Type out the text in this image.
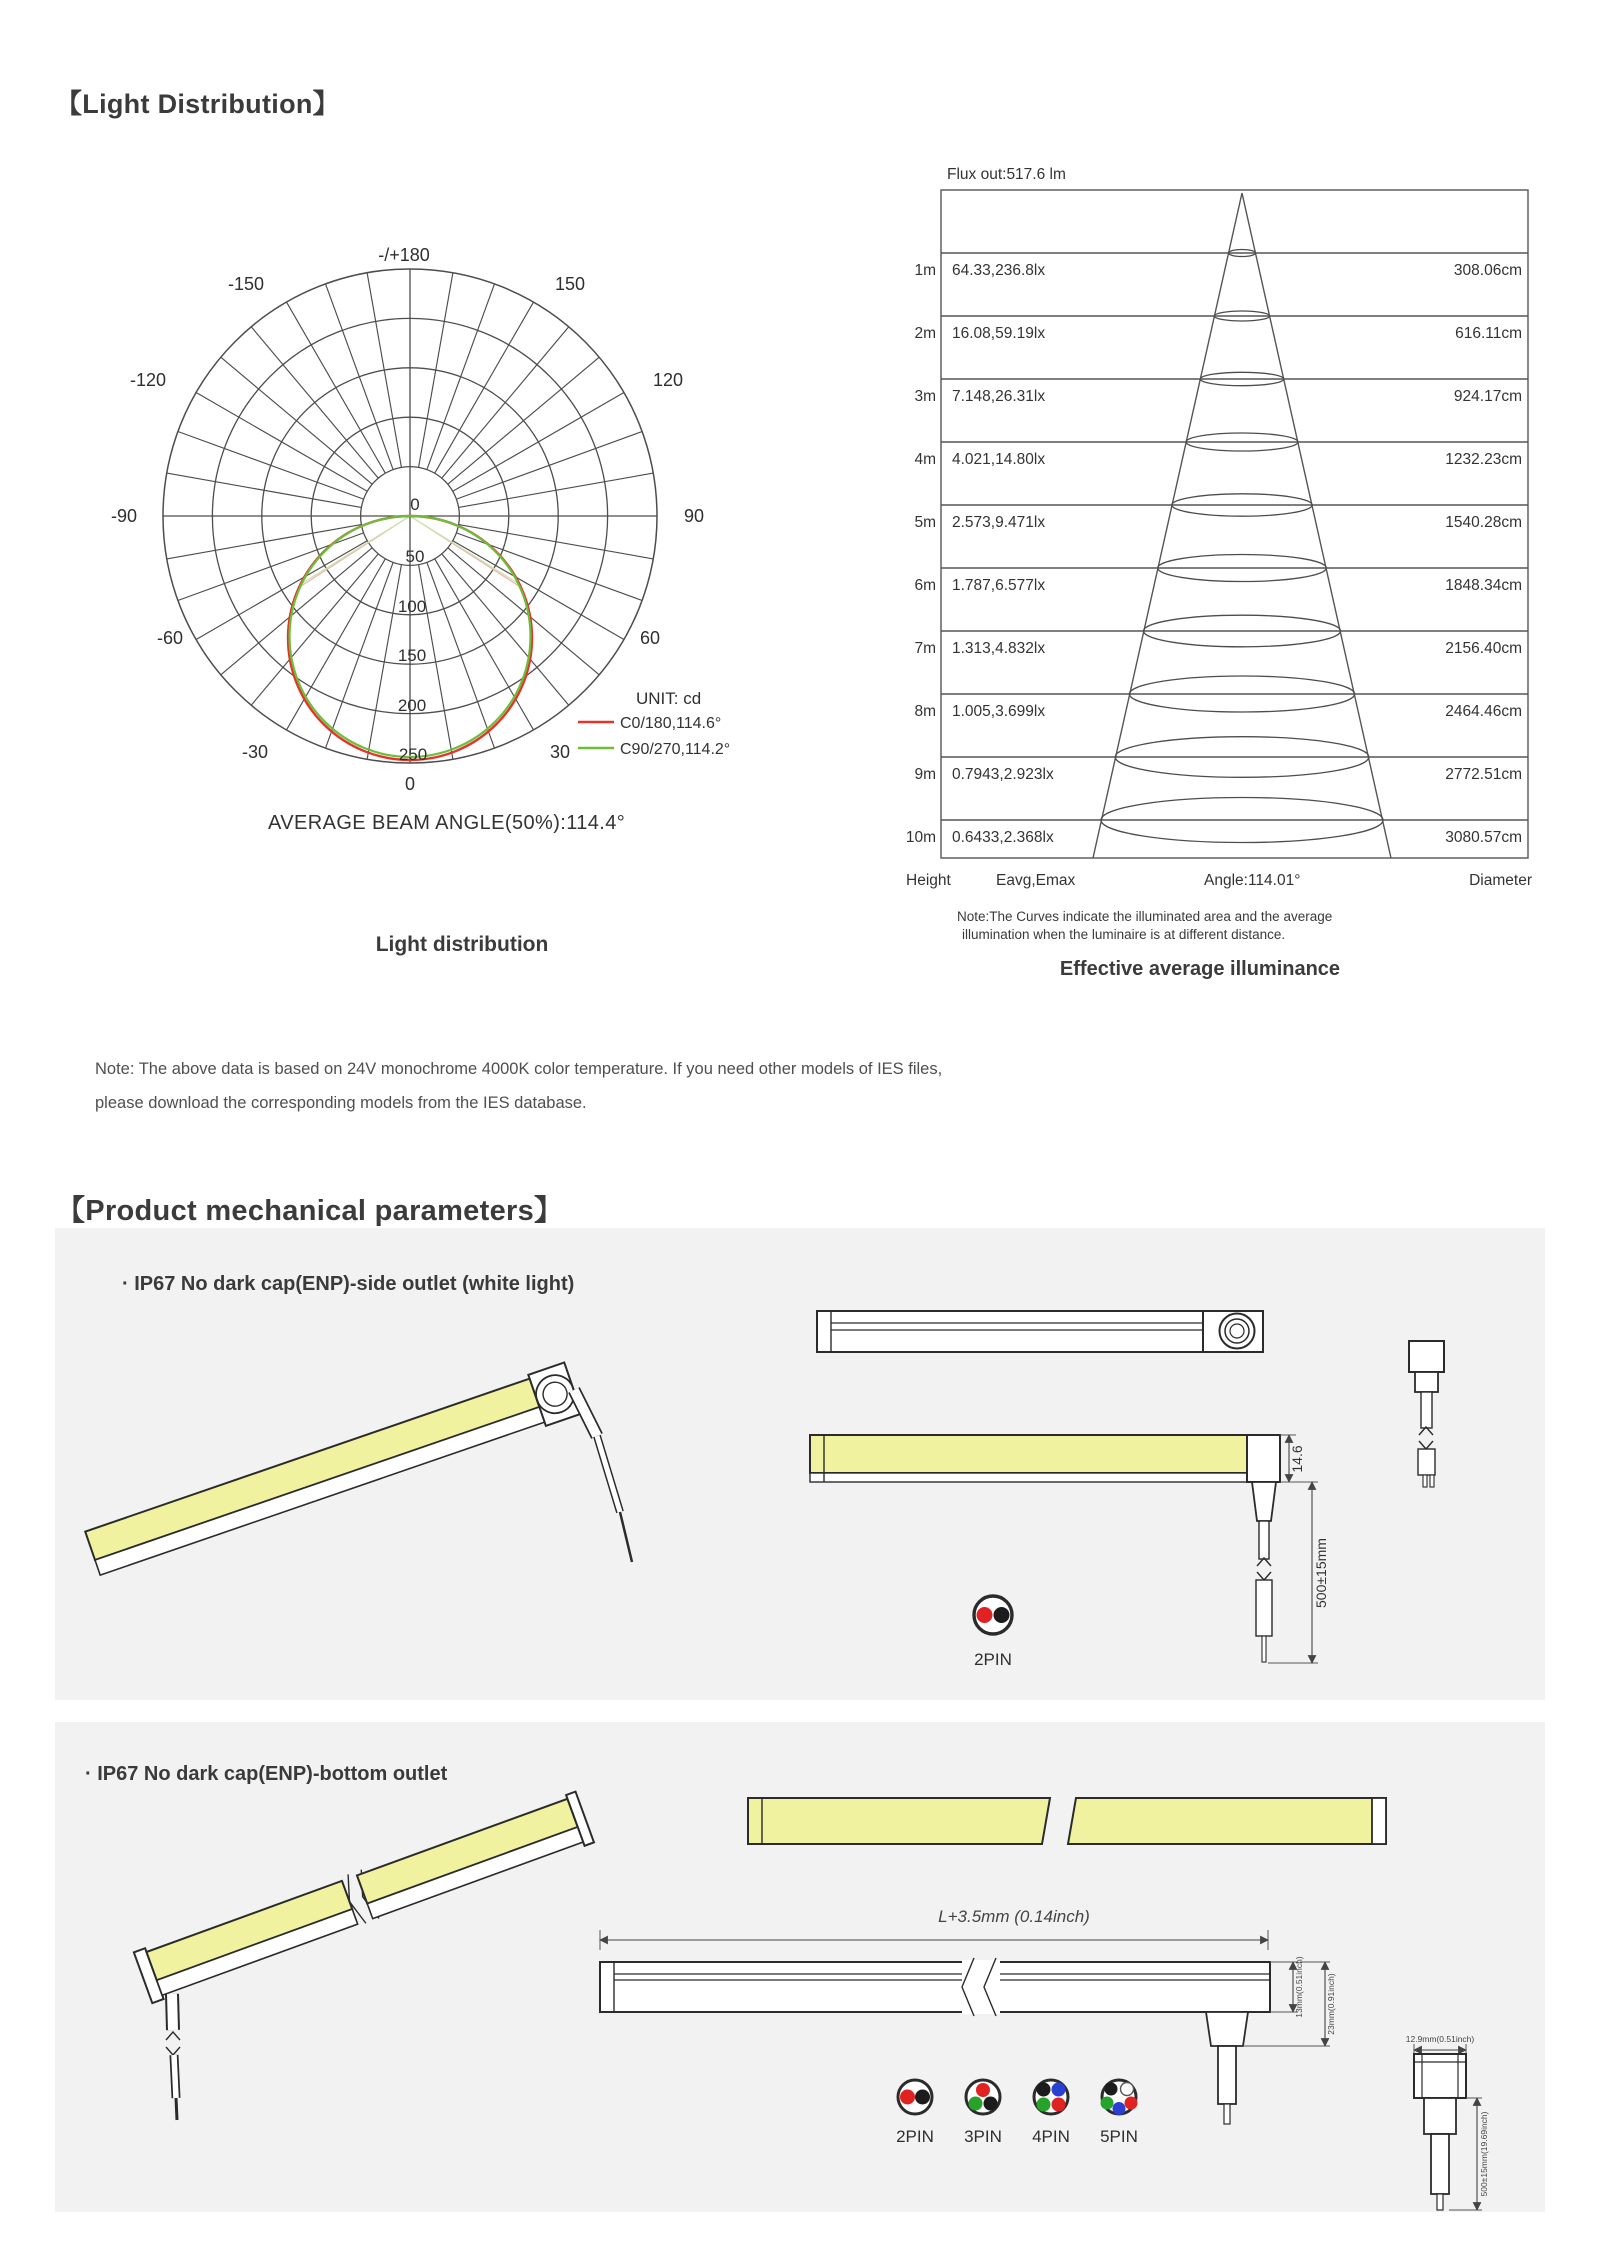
【Light Distribution】
-/+180
-150
-120
-90
-60
-30
150
120
90
60
30
0
0
50
100
150
200
250
UNIT: cd
C0/180,114.6°
C90/270,114.2°
AVERAGE BEAM ANGLE(50%):114.4°
Light distribution
Flux out:517.6 lm
1m 64.33,236.8lx	308.06cm
2m 16.08,59.19lx	616.11cm
3m 7.148,26.31lx	924.17cm
4m 4.021,14.80lx	1232.23cm
5m 2.573,9.471lx	1540.28cm
6m 1.787,6.577lx	1848.34cm
7m 1.313,4.832lx	2156.40cm
8m 1.005,3.699lx	2464.46cm
9m 0.7943,2.923lx	2772.51cm
10m 0.6433,2.368lx	3080.57cm
Height	Eavg,Emax	Angle:114.01°	Diameter
Note:The Curves indicate the illuminated area and the average
illumination when the luminaire is at different distance.
Effective average illuminance
Note: The above data is based on 24V monochrome 4000K color temperature. If you need other models of IES files,
please download the corresponding models from the IES database.
【Product mechanical parameters】
· IP67 No dark cap(ENP)-side outlet (white light)
14.6
500±15mm
2PIN
· IP67 No dark cap(ENP)-bottom outlet
L+3.5mm (0.14inch)
13mm(0.51inch)	23mm(0.91inch)
2PIN 3PIN 4PIN 5PIN
12.9mm(0.51inch)
500±15mm(19.69inch)
